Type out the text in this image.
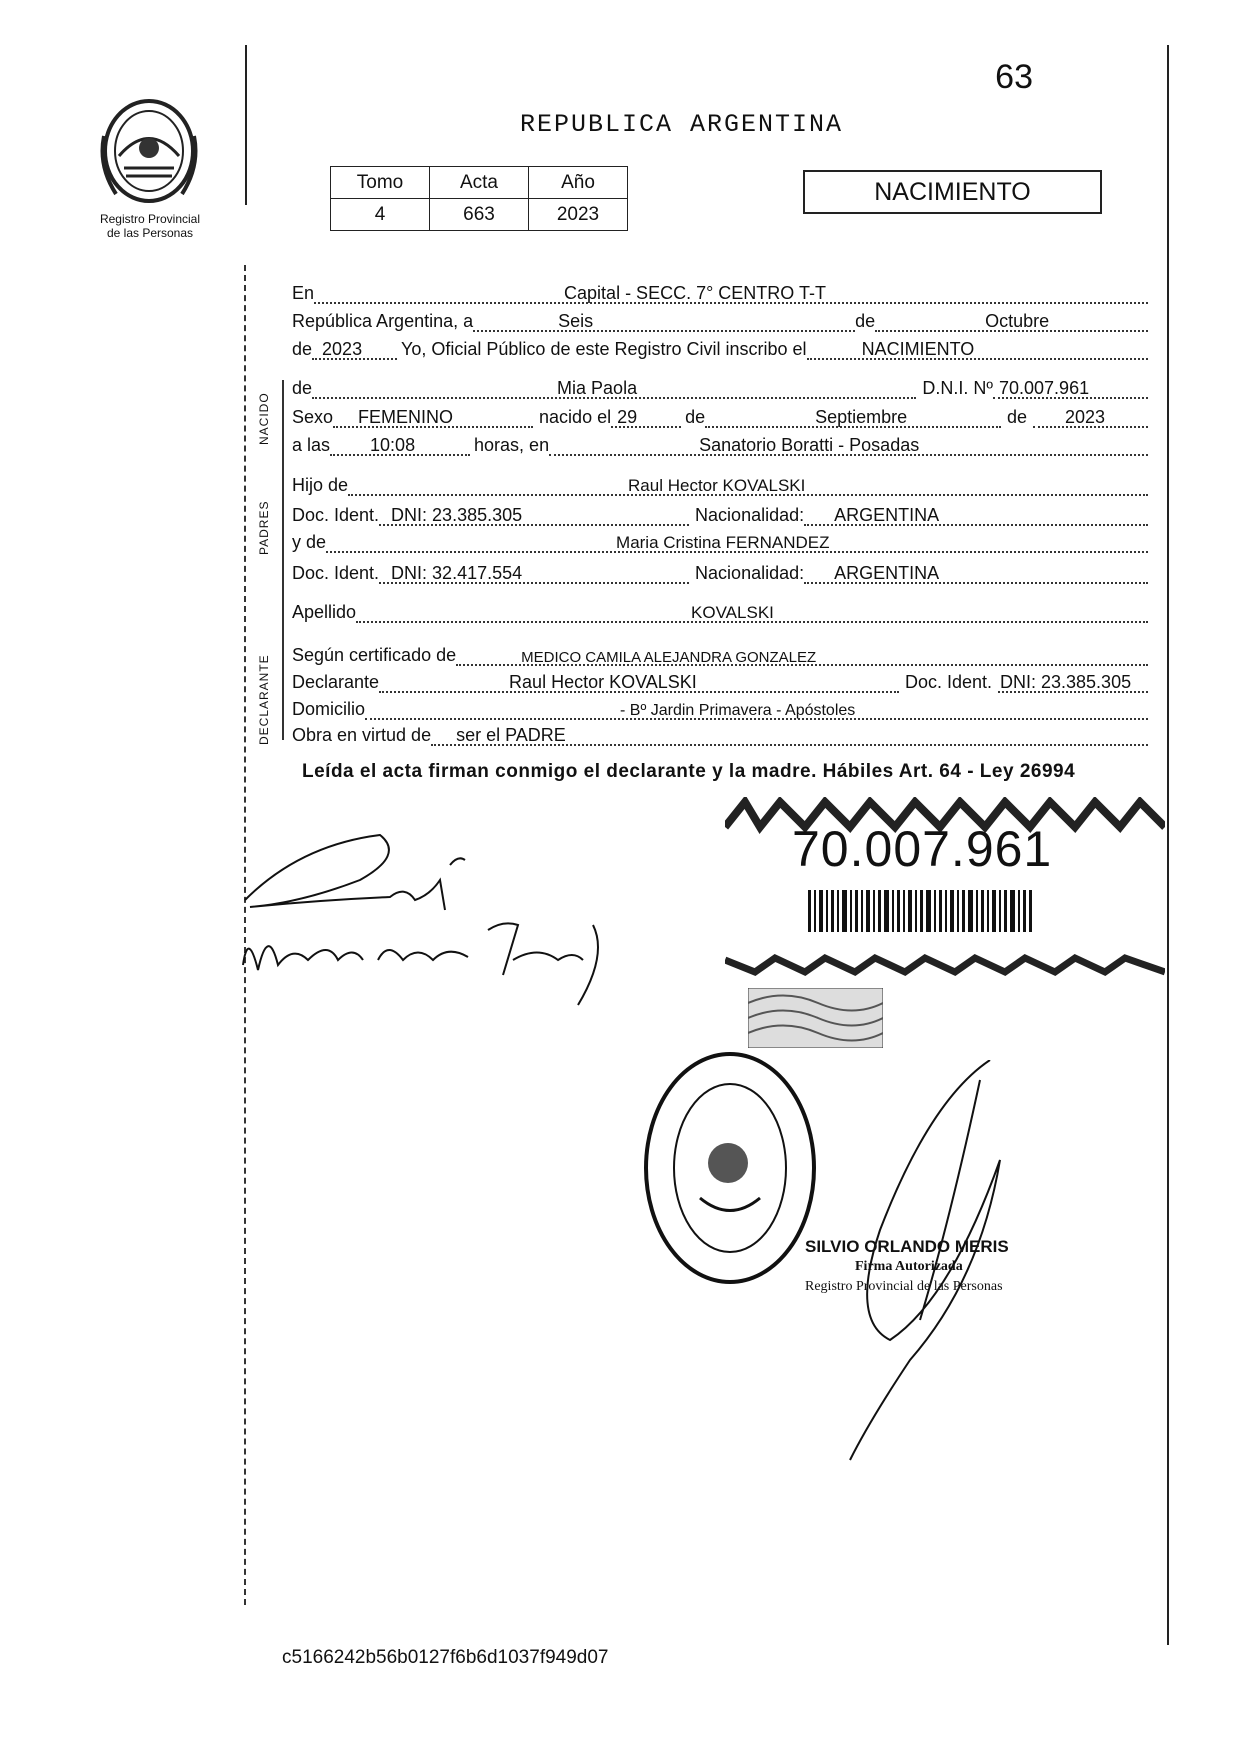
63
Registro Provincial
de las Personas
REPUBLICA ARGENTINA
Tomo	Acta	Año
4	663	2023
NACIMIENTO
NACIDO
PADRES
DECLARANTE
En	Capital - SECC. 7° CENTRO T-T
República Argentina, a	Seis	de	Octubre
de 2023 Yo, Oficial Público de este Registro Civil inscribo el	NACIMIENTO
de	Mia Paola	D.N.I. Nº 70.007.961
Sexo FEMENINO	nacido el 29	de	Septiembre	de 2023
a las 10:08	horas, en	Sanatorio Boratti - Posadas
Hijo de	Raul Hector KOVALSKI
Doc. Ident. DNI: 23.385.305	Nacionalidad: ARGENTINA
y de	Maria Cristina FERNANDEZ
Doc. Ident. DNI: 32.417.554	Nacionalidad: ARGENTINA
Apellido	KOVALSKI
Según certificado de	MEDICO CAMILA ALEJANDRA GONZALEZ
Declarante	Raul Hector KOVALSKI	Doc. Ident. DNI: 23.385.305
Domicilio	- Bº Jardin Primavera - Apóstoles
Obra en virtud de ser el PADRE
Leída el acta firman conmigo el declarante y la madre. Hábiles Art. 64 - Ley 26994
70.007.961
SILVIO ORLANDO MERIS
Firma Autorizada
Registro Provincial de las Personas
c5166242b56b0127f6b6d1037f949d07
